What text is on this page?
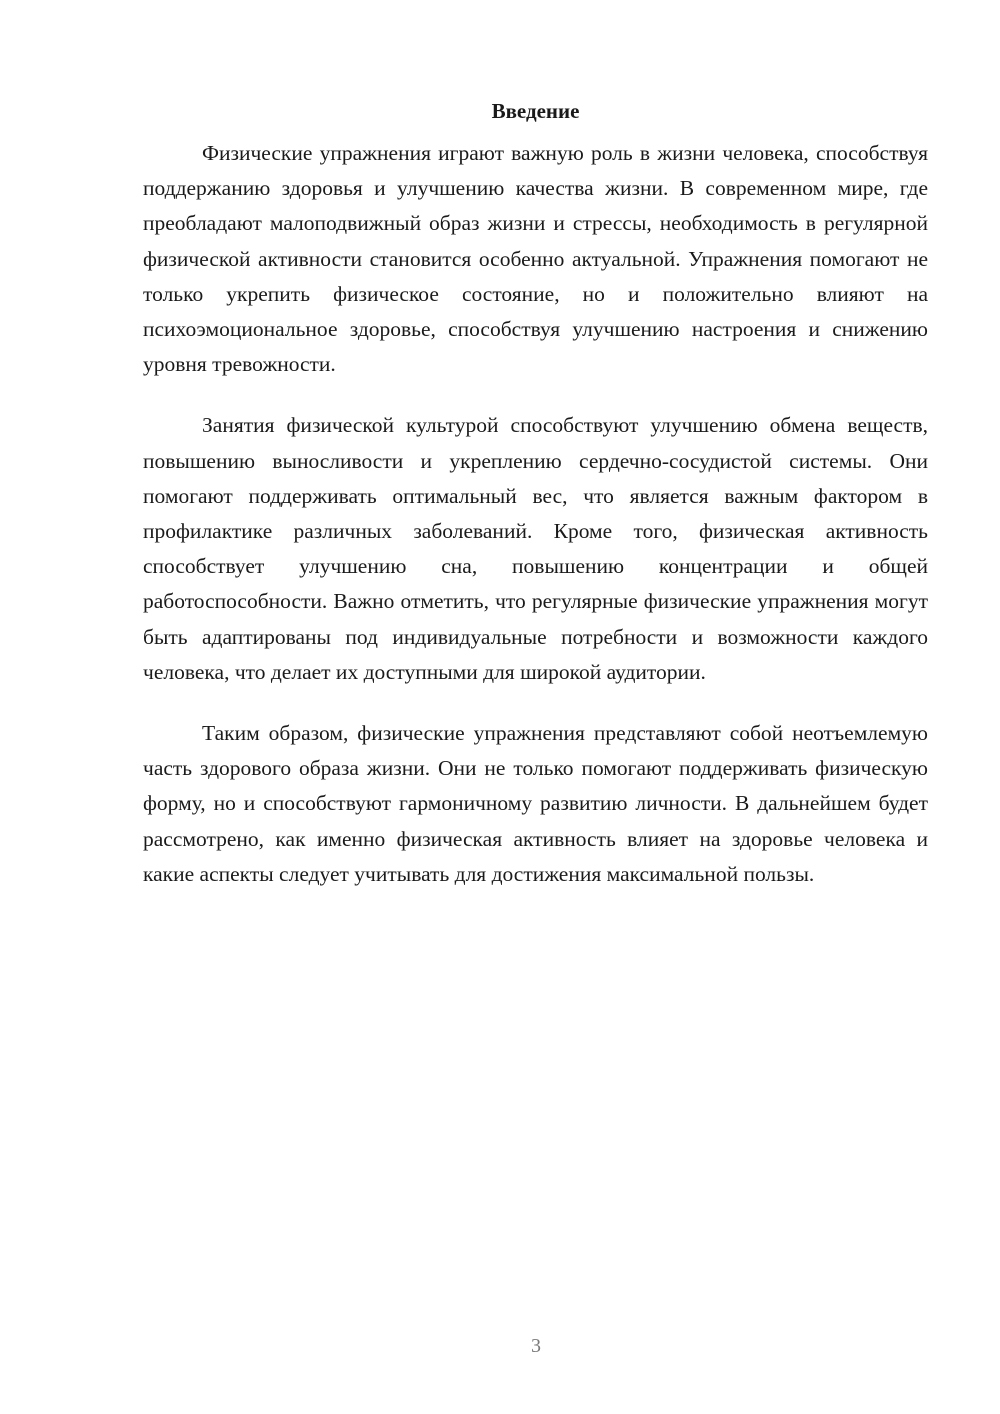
Введение

Физические упражнения играют важную роль в жизни человека, способствуя поддержанию здоровья и улучшению качества жизни. В современном мире, где преобладают малоподвижный образ жизни и стрессы, необходимость в регулярной физической активности становится особенно актуальной. Упражнения помогают не только укрепить физическое состояние, но и положительно влияют на психоэмоциональное здоровье, способствуя улучшению настроения и снижению уровня тревожности.

Занятия физической культурой способствуют улучшению обмена веществ, повышению выносливости и укреплению сердечно-сосудистой системы. Они помогают поддерживать оптимальный вес, что является важным фактором в профилактике различных заболеваний. Кроме того, физическая активность способствует улучшению сна, повышению концентрации и общей работоспособности. Важно отметить, что регулярные физические упражнения могут быть адаптированы под индивидуальные потребности и возможности каждого человека, что делает их доступными для широкой аудитории.

Таким образом, физические упражнения представляют собой неотъемлемую часть здорового образа жизни. Они не только помогают поддерживать физическую форму, но и способствуют гармоничному развитию личности. В дальнейшем будет рассмотрено, как именно физическая активность влияет на здоровье человека и какие аспекты следует учитывать для достижения максимальной пользы.

3
